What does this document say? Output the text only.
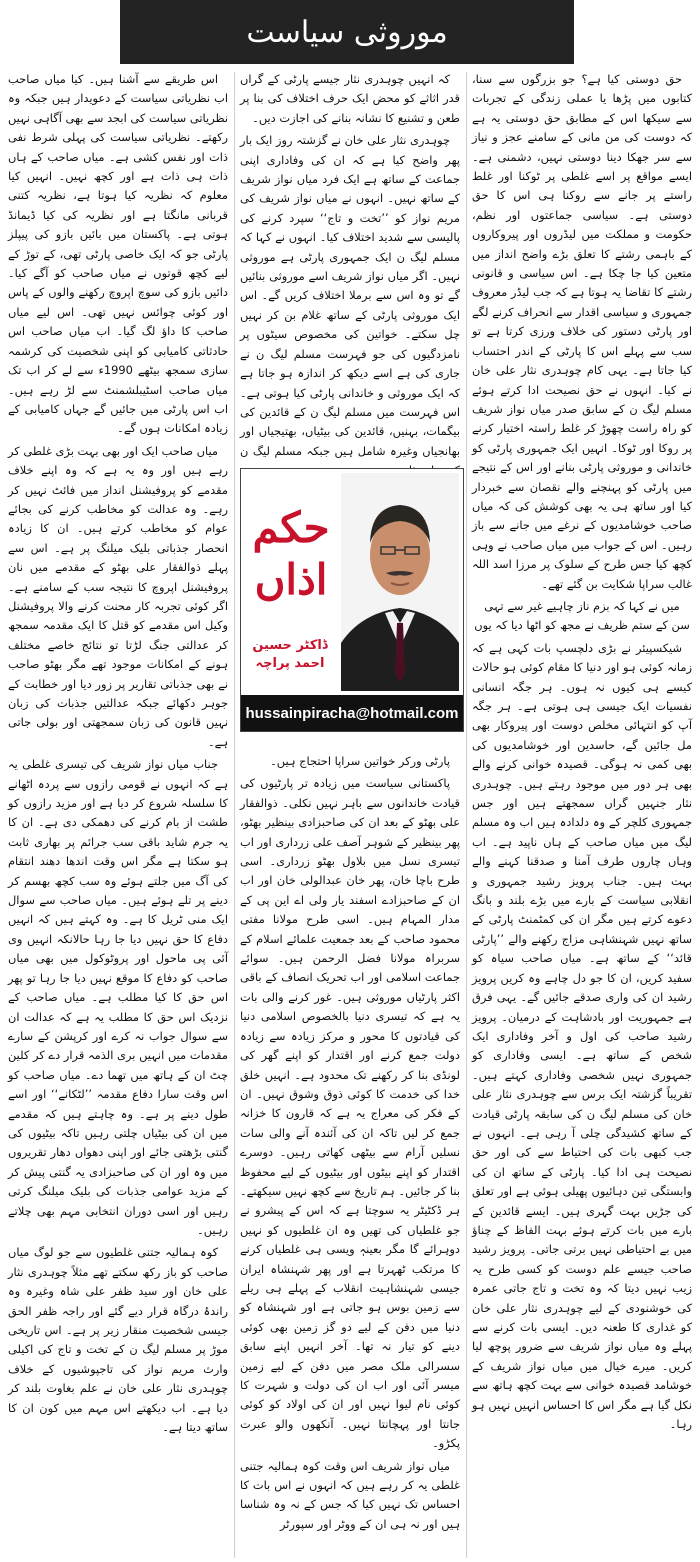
موروثی سیاست

حق دوستی کیا ہے؟ جو بزرگوں سے سنا، کتابوں میں پڑھا یا عملی زندگی کے تجربات سے سیکھا اس کے مطابق حق دوستی یہ ہے کہ دوست کی من مانی کے سامنے عجز و نیاز سے سر جھکا دینا دوستی نہیں، دشمنی ہے۔ ایسے مواقع پر اسے غلطی پر ٹوکنا اور غلط راستے پر جانے سے روکنا ہی اس کا حق دوستی ہے۔ سیاسی جماعتوں اور نظم، حکومت و مملکت میں لیڈروں اور پیروکاروں کے باہمی رشتے کا تعلق بڑے واضح انداز میں متعین کیا جا چکا ہے۔ اس سیاسی و قانونی رشتے کا تقاضا یہ ہوتا ہے کہ جب لیڈر معروف جمہوری و سیاسی اقدار سے انحراف کرنے لگے اور پارٹی دستور کی خلاف ورزی کرتا ہے تو سب سے پہلے اس کا پارٹی کے اندر احتساب کیا جاتا ہے۔ یہی کام چوہدری نثار علی خان نے کیا۔ انہوں نے حق نصیحت ادا کرتے ہوئے مسلم لیگ ن کے سابق صدر میاں نواز شریف کو راہ راست چھوڑ کر غلط راستہ اختیار کرنے پر روکا اور ٹوکا۔ انہیں ایک جمہوری پارٹی کو خاندانی و موروثی پارٹی بنانے اور اس کے نتیجے میں پارٹی کو پہنچنے والے نقصان سے خبردار کیا اور ساتھ ہی یہ بھی کوشش کی کہ میاں صاحب خوشامدیوں کے نرغے میں جانے سے باز رہیں۔ اس کے جواب میں میاں صاحب نے وہی کچھ کیا جس طرح کے سلوک پر مرزا اسد اللہ غالب سراپا شکایت بن گئے تھے۔

میں نے کہا کہ بزم ناز چاہیے غیر سے تہی
سن کے ستم ظریف نے مجھ کو اٹھا دیا کہ یوں

شیکسپیئر نے بڑی دلچسپ بات کہی ہے کہ زمانہ کوئی ہو اور دنیا کا مقام کوئی ہو حالات کیسے ہی کیوں نہ ہوں۔ ہر جگہ انسانی نفسیات ایک جیسی ہی ہوتی ہے۔ ہر جگہ آپ کو انتہائی مخلص دوست اور پیروکار بھی مل جائیں گے، حاسدین اور خوشامدیوں کی بھی کمی نہ ہوگی۔ قصیدہ خوانی کرنے والے بھی ہر دور میں موجود رہتے ہیں۔ چوہدری نثار جنہیں گراں سمجھتے ہیں اور جس جمہوری کلچر کے وہ دلدادہ ہیں اب وہ مسلم لیگ میں میاں صاحب کے ہاں ناپید ہے۔ اب وہاں چاروں طرف آمنا و صدقنا کہنے والے بہت ہیں۔ جناب پرویز رشید جمہوری و انقلابی سیاست کے بارے میں بڑے بلند و بانگ دعوے کرتے ہیں مگر ان کی کمٹمنٹ پارٹی کے ساتھ نہیں شہنشاہی مزاج رکھنے والے ’’پارٹی قائد‘‘ کے ساتھ ہے۔ میاں صاحب سیاہ کو سفید کریں، ان کا جو دل چاہے وہ کریں پرویز رشید ان کی واری صدقے جائیں گے۔ یہی فرق ہے جمہوریت اور بادشاہت کے درمیان۔ پرویز رشید صاحب کی اول و آخر وفاداری ایک شخص کے ساتھ ہے۔ ایسی وفاداری کو جمہوری نہیں شخصی وفاداری کہتے ہیں۔ تقریباً گزشتہ ایک برس سے چوہدری نثار علی خان کی مسلم لیگ ن کی سابقہ پارٹی قیادت کے ساتھ کشیدگی چلی آ رہی ہے۔ انہوں نے جب کبھی بات کی احتیاط سے کی اور حق نصیحت ہی ادا کیا۔ پارٹی کے ساتھ ان کی وابستگی تین دہائیوں پھیلی ہوئی ہے اور تعلق کی جڑیں بہت گہری ہیں۔ ایسے قائدین کے بارے میں بات کرتے ہوئے بہت الفاظ کے چناؤ میں بے احتیاطی نہیں برتی جاتی۔ پرویز رشید صاحب جیسے علم دوست کو کسی طرح یہ زیب نہیں دیتا کہ وہ تخت و تاج جاتی عمرہ کی خوشنودی کے لیے چوہدری نثار علی خان کو غداری کا طعنہ دیں۔ ایسی بات کرنے سے پہلے وہ میاں نواز شریف سے ضرور پوچھ لیا کریں۔ میرے خیال میں میاں نواز شریف کے خوشامد قصیدہ خوانی سے بہت کچھ ہاتھ سے نکل گیا ہے مگر اس کا احساس انہیں نہیں ہو رہا۔

کہ انہیں چوہدری نثار جیسے پارٹی کے گراں قدر اثاثے کو محض ایک حرف اختلاف کی بنا پر طعن و تشنیع کا نشانہ بنانے کی اجازت دیں۔

چوہدری نثار علی خان نے گزشتہ روز ایک بار پھر واضح کیا ہے کہ ان کی وفاداری اپنی جماعت کے ساتھ ہے ایک فرد میاں نواز شریف کے ساتھ نہیں۔ انہوں نے میاں نواز شریف کی مریم نواز کو ’’تخت و تاج‘‘ سپرد کرنے کی پالیسی سے شدید اختلاف کیا۔ انہوں نے کہا کہ مسلم لیگ ن ایک جمہوری پارٹی ہے موروثی نہیں۔ اگر میاں نواز شریف اسے موروثی بنائیں گے تو وہ اس سے برملا اختلاف کریں گے۔ اس ایک موروثی پارٹی کے ساتھ غلام بن کر نہیں چل سکتے۔ خواتین کی مخصوص سیٹوں پر نامزدگیوں کی جو فہرست مسلم لیگ ن نے جاری کی ہے اسے دیکھ کر اندازہ ہو جاتا ہے کہ ایک موروثی و خاندانی پارٹی کیا ہوتی ہے۔ اس فہرست میں مسلم لیگ ن کے قائدین کی بیگمات، بہنیں، قائدین کی بیٹیاں، بھتیجیاں اور بھانجیاں وغیرہ شامل ہیں جبکہ مسلم لیگ ن

حکم
اذاں
ڈاکٹر حسین احمد پراچہ
hussainpiracha@hotmail.com

پارٹی ورکر خواتین سراپا احتجاج ہیں۔

پاکستانی سیاست میں زیادہ تر پارٹیوں کی قیادت خاندانوں سے باہر نہیں نکلی۔ ذوالفقار علی بھٹو کے بعد ان کی صاحبزادی بینظیر بھٹو، پھر بینظیر کے شوہر آصف علی زرداری اور اب تیسری نسل میں بلاول بھٹو زرداری۔ اسی طرح باچا خان، پھر خان عبدالولی خان اور اب ان کے صاحبزادے اسفند یار ولی اے این پی کے مدار المہام ہیں۔ اسی طرح مولانا مفتی محمود صاحب کے بعد جمعیت علمائے اسلام کے سربراہ مولانا فضل الرحمن ہیں۔ سوائے جماعت اسلامی اور اب تحریک انصاف کے باقی اکثر پارٹیاں موروثی ہیں۔ غور کرنے والی بات یہ ہے کہ تیسری دنیا بالخصوص اسلامی دنیا کی قیادتوں کا محور و مرکز زیادہ سے زیادہ دولت جمع کرنے اور اقتدار کو اپنے گھر کی لونڈی بنا کر رکھنے تک محدود ہے۔ انہیں خلق خدا کی خدمت کا کوئی ذوق وشوق نہیں۔ ان کے فکر کی معراج یہ ہے کہ قارون کا خزانہ جمع کر لیں تاکہ ان کی آئندہ آنے والی سات نسلیں آرام سے بیٹھی کھاتی رہیں۔ دوسرے اقتدار کو اپنے بیٹوں اور بیٹیوں کے لیے محفوظ بنا کر جائیں۔ ہم تاریخ سے کچھ نہیں سیکھتے۔ ہر ڈکٹیٹر یہ سوچتا ہے کہ اس کے پیشرو نے جو غلطیاں کی تھیں وہ ان غلطیوں کو نہیں دوہرائے گا مگر بعینہٖ ویسی ہی غلطیاں کرنے کا مرتکب ٹھہرتا ہے اور پھر شہنشاہ ایران جیسی شہنشاہیت انقلاب کے پہلے ہی ریلے سے زمین بوس ہو جاتی ہے اور شہنشاہ کو دنیا میں دفن کے لیے دو گز زمین بھی کوئی دینے کو تیار نہ تھا۔ آخر انہیں اپنے سابق سسرالی ملک مصر میں دفن کے لیے زمین میسر آئی اور اب ان کی دولت و شہرت کا کوئی نام لیوا نہیں اور ان کی اولاد کو کوئی جانتا اور پہچانتا نہیں۔ آنکھوں والو عبرت پکڑو۔

میاں نواز شریف اس وقت کوہ ہمالیہ جتنی غلطی یہ کر رہے ہیں کہ انہوں نے اس بات کا احساس تک نہیں کیا کہ جس کے نہ وہ شناسا ہیں اور نہ ہی ان کے ووٹر اور سپورٹر

اس طریقے سے آشنا ہیں۔ کیا میاں صاحب اب نظریاتی سیاست کے دعویدار ہیں جبکہ وہ نظریاتی سیاست کی ابجد سے بھی آگاہی نہیں رکھتے۔ نظریاتی سیاست کی پہلی شرط نفی ذات اور نفس کشی ہے۔ میاں صاحب کے ہاں ذات ہی ذات ہے اور کچھ نہیں۔ انہیں کیا معلوم کہ نظریہ کیا ہوتا ہے، نظریہ کتنی قربانی مانگتا ہے اور نظریہ کی کیا ڈیمانڈ ہوتی ہے۔ پاکستان میں بائیں بازو کی پیپلز پارٹی جو کہ ایک خاصی پارٹی تھی، کے توڑ کے لیے کچھ قوتوں نے میاں صاحب کو آگے کیا۔ دائیں بازو کی سوچ اپروچ رکھنے والوں کے پاس اور کوئی چوائس نہیں تھی۔ اس لیے میاں صاحب کا داؤ لگ گیا۔ اب میاں صاحب اس حادثاتی کامیابی کو اپنی شخصیت کی کرشمہ سازی سمجھ بیٹھے 1990ء سے لے کر اب تک میاں صاحب اسٹیبلشمنٹ سے لڑ رہے ہیں۔ اب اس پارٹی میں جائیں گے جہاں کامیابی کے زیادہ امکانات ہوں گے۔

میاں صاحب ایک اور بھی بہت بڑی غلطی کر رہے ہیں اور وہ یہ ہے کہ وہ اپنے خلاف مقدمے کو پروفیشنل انداز میں فائٹ نہیں کر رہے۔ وہ عدالت کو مخاطب کرنے کی بجائے عوام کو مخاطب کرتے ہیں۔ ان کا زیادہ انحصار جذباتی بلیک میلنگ پر ہے۔ اس سے پہلے ذوالفقار علی بھٹو کے مقدمے میں نان پروفیشنل اپروچ کا نتیجہ سب کے سامنے ہے۔ اگر کوئی تجربہ کار محنت کرنے والا پروفیشنل وکیل اس مقدمے کو قتل کا ایک مقدمہ سمجھ کر عدالتی جنگ لڑتا تو نتائج خاصے مختلف ہونے کے امکانات موجود تھے مگر بھٹو صاحب نے بھی جذباتی تقاریر پر زور دیا اور خطابت کے جوہر دکھائے جبکہ عدالتیں جذبات کی زبان نہیں قانون کی زبان سمجھتی اور بولی جاتی ہے۔

جناب میاں نواز شریف کی تیسری غلطی یہ ہے کہ انہوں نے قومی رازوں سے پردہ اٹھانے کا سلسلہ شروع کر دیا ہے اور مزید رازوں کو طشت از بام کرنے کی دھمکی دی ہے۔ ان کا یہ جرم شاید باقی سب جرائم پر بھاری ثابت ہو سکتا ہے مگر اس وقت اندھا دھند انتقام کی آگ میں جلتے ہوئے وہ سب کچھ بھسم کر دینے پر تلے ہوئے ہیں۔ میاں صاحب سے سوال ایک منی ٹریل کا ہے۔ وہ کہتے ہیں کہ انہیں دفاع کا حق نہیں دیا جا رہا حالانکہ انہیں وی آئی پی ماحول اور پروٹوکول میں بھی میاں صاحب کو دفاع کا موقع نہیں دیا جا رہا تو پھر اس حق کا کیا مطلب ہے۔ میاں صاحب کے نزدیک اس حق کا مطلب یہ ہے کہ عدالت ان سے سوال جواب نہ کرے اور کرپشن کے سارے مقدمات میں انہیں بری الذمہ قرار دے کر کلین چٹ ان کے ہاتھ میں تھما دے۔ میاں صاحب کو اس وقت سارا دفاع مقدمہ ’’لٹکانے‘‘ اور اسے طول دینے پر ہے۔ وہ چاہتے ہیں کہ مقدمے میں ان کی بیٹیاں چلتی رہیں تاکہ بیٹیوں کی گنتی بڑھتی جائے اور اپنی دھواں دھار تقریروں میں وہ اور ان کی صاحبزادی یہ گنتی پیش کر کے مزید عوامی جذبات کی بلیک میلنگ کرتی رہیں اور اسی دوران انتخابی مہم بھی چلاتے رہیں۔

کوہ ہمالیہ جتنی غلطیوں سے جو لوگ میاں صاحب کو باز رکھ سکتے تھے مثلاً چوہدری نثار علی خان اور سید ظفر علی شاہ وغیرہ وہ راندۂ درگاہ قرار دیے گئے اور راجہ ظفر الحق جیسی شخصیت منقار زیر پر ہے۔ اس تاریخی موڑ پر مسلم لیگ ن کے تخت و تاج کی اکیلی وارث مریم نواز کی تاجپوشیوں کے خلاف چوہدری نثار علی خان نے علم بغاوت بلند کر دیا ہے۔ اب دیکھتے اس مہم میں کون ان کا ساتھ دیتا ہے۔
